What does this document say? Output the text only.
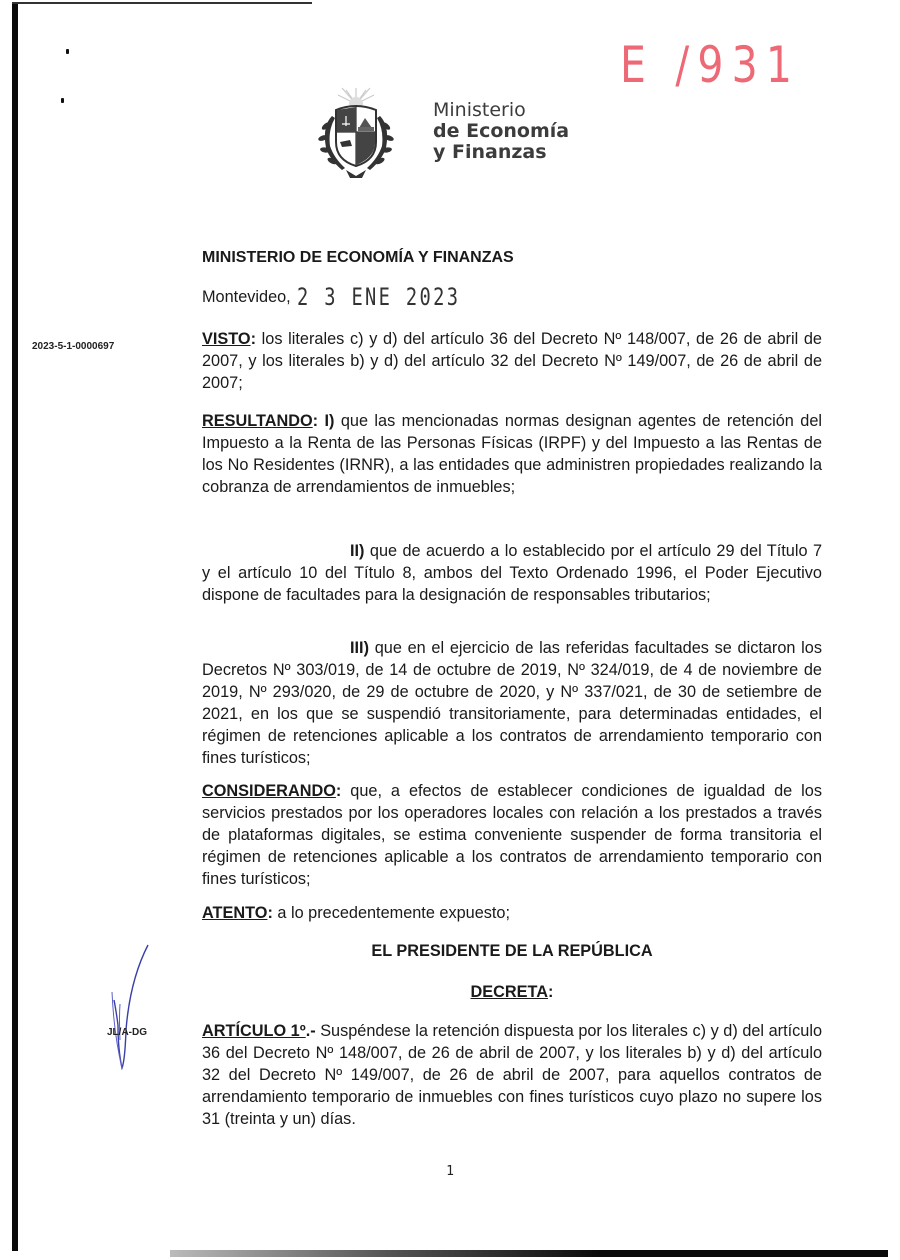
E /931
Ministerio
de Economía
y Finanzas
MINISTERIO DE ECONOMÍA Y FINANZAS
Montevideo, 2 3 ENE 2023
2023-5-1-0000697	VISTO: los literales c) y d) del artículo 36 del Decreto Nº 148/007, de 26 de abril de 2007, y los literales b) y d) del artículo 32 del Decreto Nº 149/007, de 26 de abril de 2007;
RESULTANDO: I) que las mencionadas normas designan agentes de retención del Impuesto a la Renta de las Personas Físicas (IRPF) y del Impuesto a las Rentas de los No Residentes (IRNR), a las entidades que administren propiedades realizando la cobranza de arrendamientos de inmuebles;
II) que de acuerdo a lo establecido por el artículo 29 del Título 7 y el artículo 10 del Título 8, ambos del Texto Ordenado 1996, el Poder Ejecutivo dispone de facultades para la designación de responsables tributarios;
III) que en el ejercicio de las referidas facultades se dictaron los Decretos Nº 303/019, de 14 de octubre de 2019, Nº 324/019, de 4 de noviembre de 2019, Nº 293/020, de 29 de octubre de 2020, y Nº 337/021, de 30 de setiembre de 2021, en los que se suspendió transitoriamente, para determinadas entidades, el régimen de retenciones aplicable a los contratos de arrendamiento temporario con fines turísticos;
CONSIDERANDO: que, a efectos de establecer condiciones de igualdad de los servicios prestados por los operadores locales con relación a los prestados a través de plataformas digitales, se estima conveniente suspender de forma transitoria el régimen de retenciones aplicable a los contratos de arrendamiento temporario con fines turísticos;
ATENTO: a lo precedentemente expuesto;
EL PRESIDENTE DE LA REPÚBLICA
DECRETA:
JL/A-DG	ARTÍCULO 1º.- Suspéndese la retención dispuesta por los literales c) y d) del artículo 36 del Decreto Nº 148/007, de 26 de abril de 2007, y los literales b) y d) del artículo 32 del Decreto Nº 149/007, de 26 de abril de 2007, para aquellos contratos de arrendamiento temporario de inmuebles con fines turísticos cuyo plazo no supere los 31 (treinta y un) días.
1
